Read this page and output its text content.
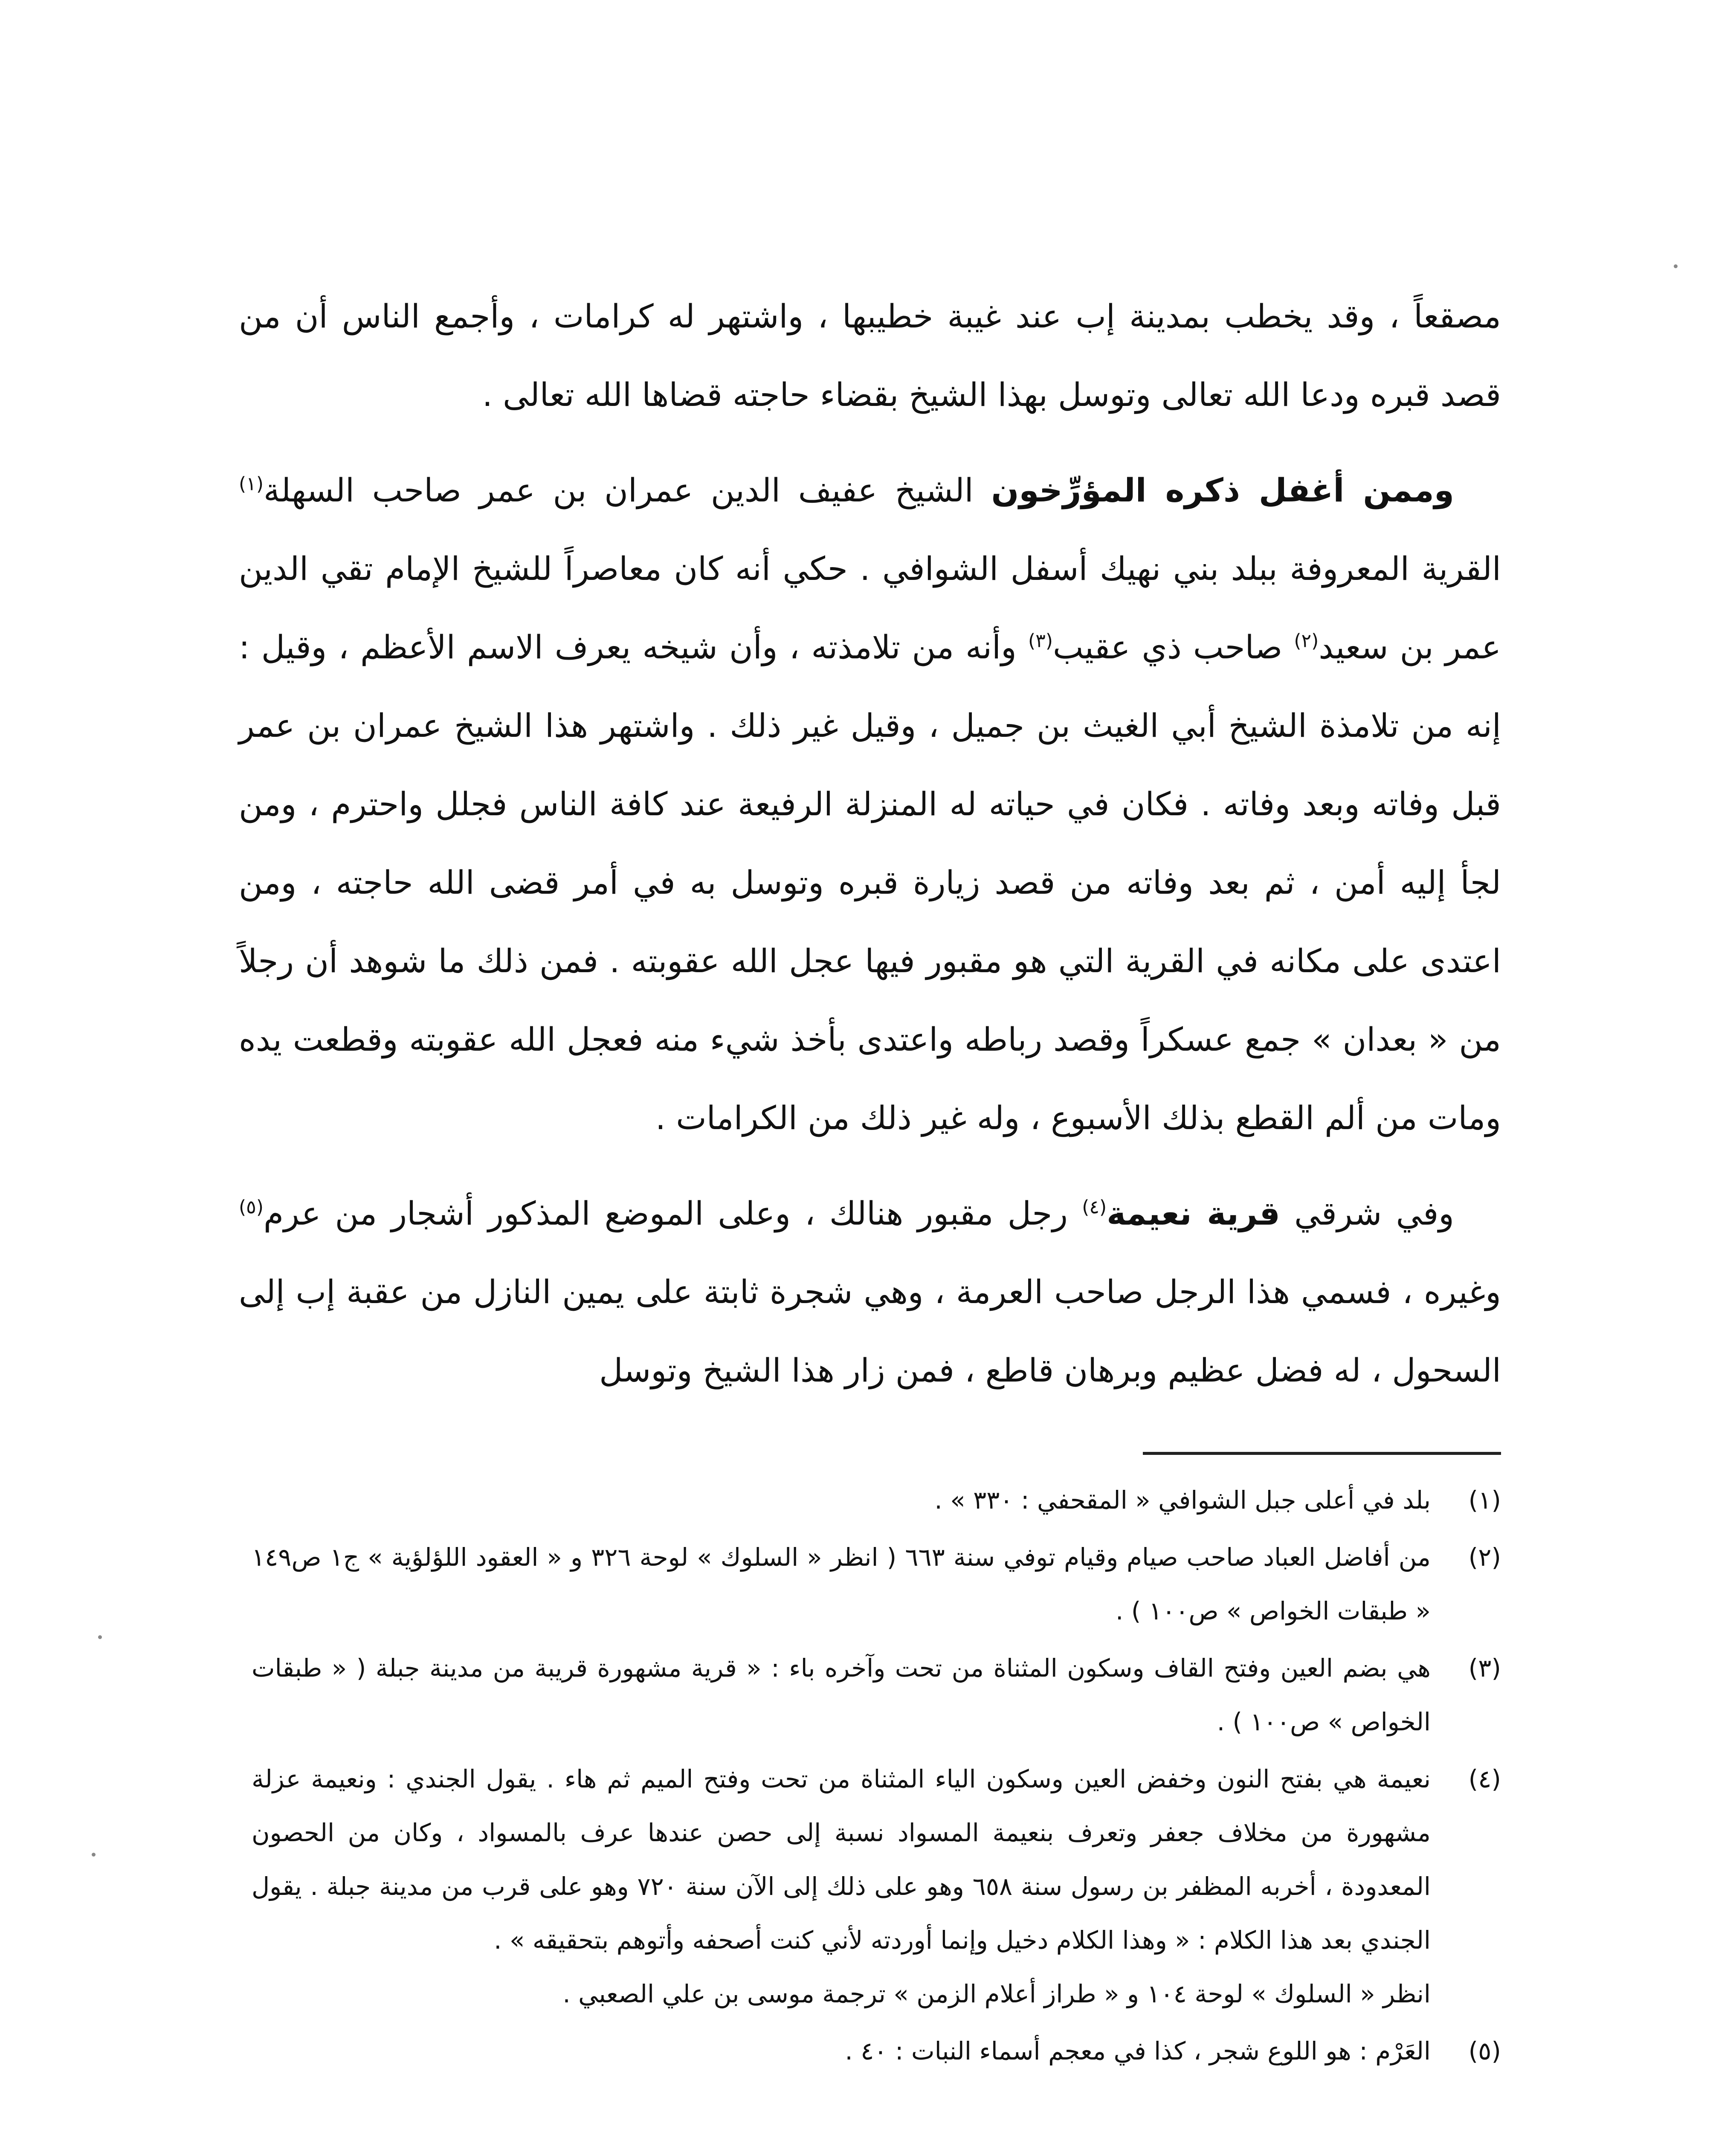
مصقعاً ، وقد يخطب بمدينة إب عند غيبة خطيبها ، واشتهر له كرامات ، وأجمع الناس أن من قصد قبره ودعا الله تعالى وتوسل بهذا الشيخ بقضاء حاجته قضاها الله تعالى .

وممن أغفل ذكره المؤرِّخون الشيخ عفيف الدين عمران بن عمر صاحب السهلة$^{(١)}$ القرية المعروفة ببلد بني نهيك أسفل الشوافي . حكي أنه كان معاصراً للشيخ الإمام تقي الدين عمر بن سعيد$^{(٢)}$ صاحب ذي عقيب$^{(٣)}$ وأنه من تلامذته ، وأن شيخه يعرف الاسم الأعظم ، وقيل : إنه من تلامذة الشيخ أبي الغيث بن جميل ، وقيل غير ذلك . واشتهر هذا الشيخ عمران بن عمر قبل وفاته وبعد وفاته . فكان في حياته له المنزلة الرفيعة عند كافة الناس فجلل واحترم ، ومن لجأ إليه أمن ، ثم بعد وفاته من قصد زيارة قبره وتوسل به في أمر قضى الله حاجته ، ومن اعتدى على مكانه في القرية التي هو مقبور فيها عجل الله عقوبته . فمن ذلك ما شوهد أن رجلاً من « بعدان » جمع عسكراً وقصد رباطه واعتدى بأخذ شيء منه فعجل الله عقوبته وقطعت يده ومات من ألم القطع بذلك الأسبوع ، وله غير ذلك من الكرامات .

وفي شرقي قرية نعيمة$^{(٤)}$ رجل مقبور هنالك ، وعلى الموضع المذكور أشجار من عرم$^{(٥)}$ وغيره ، فسمي هذا الرجل صاحب العرمة ، وهي شجرة ثابتة على يمين النازل من عقبة إب إلى السحول ، له فضل عظيم وبرهان قاطع ، فمن زار هذا الشيخ وتوسل

(١)
بلد في أعلى جبل الشوافي « المقحفي : ٣٣٠ » .
(٢)
من أفاضل العباد صاحب صيام وقيام توفي سنة ٦٦٣ ( انظر « السلوك » لوحة ٣٢٦ و « العقود اللؤلؤية » ج١ ص١٤٩ « طبقات الخواص » ص١٠٠ ) .
(٣)
هي بضم العين وفتح القاف وسكون المثناة من تحت وآخره باء : « قرية مشهورة قريبة من مدينة جبلة ( « طبقات الخواص » ص١٠٠ ) .
(٤)
نعيمة هي بفتح النون وخفض العين وسكون الياء المثناة من تحت وفتح الميم ثم هاء . يقول الجندي : ونعيمة عزلة مشهورة من مخلاف جعفر وتعرف بنعيمة المسواد نسبة إلى حصن عندها عرف بالمسواد ، وكان من الحصون المعدودة ، أخربه المظفر بن رسول سنة ٦٥٨ وهو على ذلك إلى الآن سنة ٧٢٠ وهو على قرب من مدينة جبلة . يقول الجندي بعد هذا الكلام : « وهذا الكلام دخيل وإنما أوردته لأني كنت أصحفه وأتوهم بتحقيقه » .
انظر « السلوك » لوحة ١٠٤ و « طراز أعلام الزمن » ترجمة موسى بن علي الصعبي .
(٥)
العَرْم : هو اللوع شجر ، كذا في معجم أسماء النبات : ٤٠ .
